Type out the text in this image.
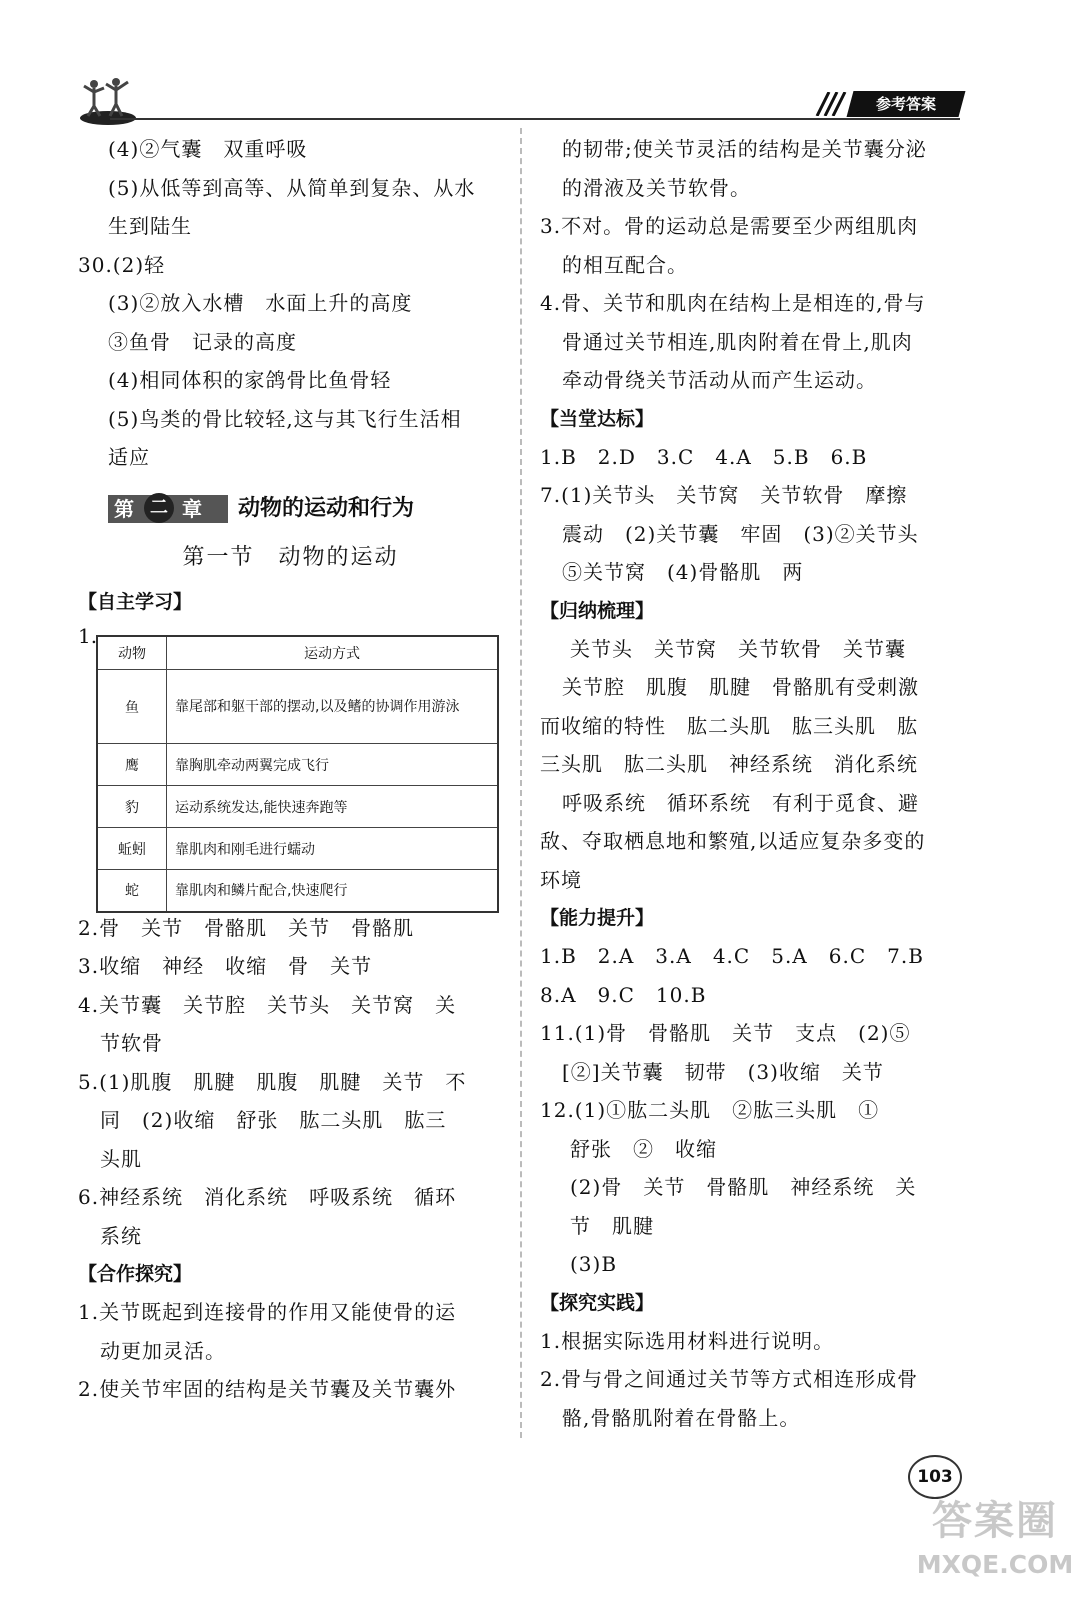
参考答案
(4)②气囊　双重呼吸
(5)从低等到高等、从简单到复杂、从水
生到陆生
30.(2)轻
(3)②放入水槽　水面上升的高度
③鱼骨　记录的高度
(4)相同体积的家鸽骨比鱼骨轻
(5)鸟类的骨比较轻,这与其飞行生活相
适应
第 二 章 动物的运动和行为
第一节　动物的运动
【自主学习】
1.
动物	运动方式
鱼	靠尾部和躯干部的摆动,以及鳍的协调作用游泳
鹰	靠胸肌牵动两翼完成飞行
豹	运动系统发达,能快速奔跑等
蚯蚓	靠肌肉和刚毛进行蠕动
蛇	靠肌肉和鳞片配合,快速爬行
2.骨　关节　骨骼肌　关节　骨骼肌
3.收缩　神经　收缩　骨　关节
4.关节囊　关节腔　关节头　关节窝　关
节软骨
5.(1)肌腹　肌腱　肌腹　肌腱　关节　不
同　(2)收缩　舒张　肱二头肌　肱三
头肌
6.神经系统　消化系统　呼吸系统　循环
系统
【合作探究】
1.关节既起到连接骨的作用又能使骨的运
动更加灵活。
2.使关节牢固的结构是关节囊及关节囊外
的韧带;使关节灵活的结构是关节囊分泌
的滑液及关节软骨。
3.不对。骨的运动总是需要至少两组肌肉
的相互配合。
4.骨、关节和肌肉在结构上是相连的,骨与
骨通过关节相连,肌肉附着在骨上,肌肉
牵动骨绕关节活动从而产生运动。
【当堂达标】
1.B　2.D　3.C　4.A　5.B　6.B
7.(1)关节头　关节窝　关节软骨　摩擦
震动　(2)关节囊　牢固　(3)②关节头
⑤关节窝　(4)骨骼肌　两
【归纳梳理】
关节头　关节窝　关节软骨　关节囊
关节腔　肌腹　肌腱　骨骼肌有受刺激
而收缩的特性　肱二头肌　肱三头肌　肱
三头肌　肱二头肌　神经系统　消化系统
呼吸系统　循环系统　有利于觅食、避
敌、夺取栖息地和繁殖,以适应复杂多变的
环境
【能力提升】
1.B　2.A　3.A　4.C　5.A　6.C　7.B
8.A　9.C　10.B
11.(1)骨　骨骼肌　关节　支点　(2)⑤
[②]关节囊　韧带　(3)收缩　关节
12.(1)①肱二头肌　②肱三头肌　①
舒张　②　收缩
(2)骨　关节　骨骼肌　神经系统　关
节　肌腱
(3)B
【探究实践】
1.根据实际选用材料进行说明。
2.骨与骨之间通过关节等方式相连形成骨
骼,骨骼肌附着在骨骼上。
103
答案圈
MXQE.COM
